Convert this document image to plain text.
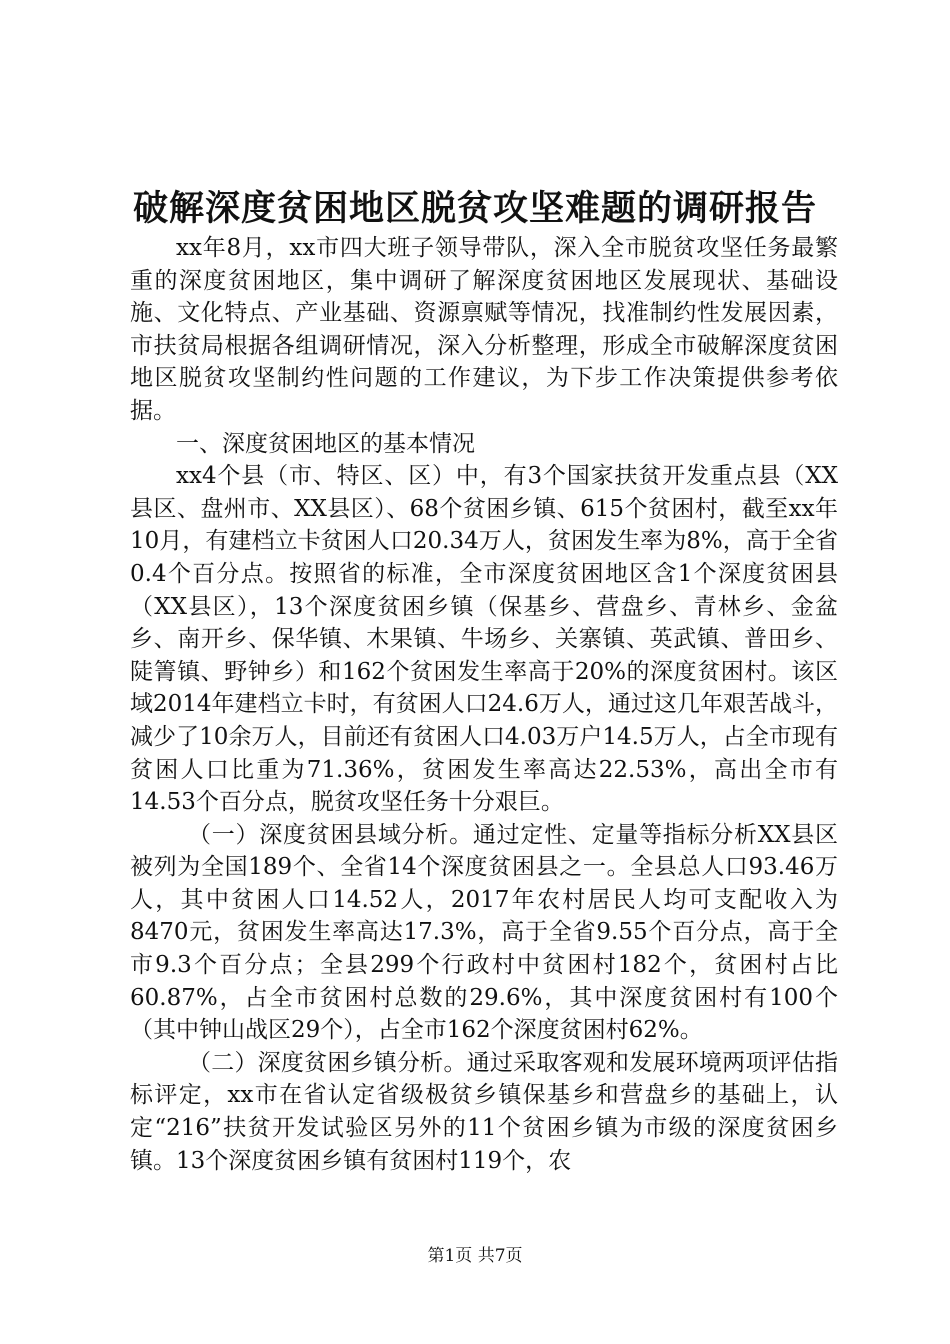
破解深度贫困地区脱贫攻坚难题的调研报告

xx年8月，xx市四大班子领导带队，深入全市脱贫攻坚任务最繁重的深度贫困地区，集中调研了解深度贫困地区发展现状、基础设施、文化特点、产业基础、资源禀赋等情况，找准制约性发展因素，市扶贫局根据各组调研情况，深入分析整理，形成全市破解深度贫困地区脱贫攻坚制约性问题的工作建议，为下步工作决策提供参考依据。

一、深度贫困地区的基本情况

xx4个县（市、特区、区）中，有3个国家扶贫开发重点县（XX县区、盘州市、XX县区）、68个贫困乡镇、615个贫困村，截至xx年10月，有建档立卡贫困人口20.34万人，贫困发生率为8%，高于全省0.4个百分点。按照省的标准，全市深度贫困地区含1个深度贫困县（XX县区），13个深度贫困乡镇（保基乡、营盘乡、青林乡、金盆乡、南开乡、保华镇、木果镇、牛场乡、关寨镇、英武镇、普田乡、陡箐镇、野钟乡）和162个贫困发生率高于20%的深度贫困村。该区域2014年建档立卡时，有贫困人口24.6万人，通过这几年艰苦战斗，减少了10余万人，目前还有贫困人口4.03万户14.5万人，占全市现有贫困人口比重为71.36%，贫困发生率高达22.53%，高出全市有14.53个百分点，脱贫攻坚任务十分艰巨。

（一）深度贫困县域分析。通过定性、定量等指标分析XX县区被列为全国189个、全省14个深度贫困县之一。全县总人口93.46万人，其中贫困人口14.52人，2017年农村居民人均可支配收入为8470元，贫困发生率高达17.3%，高于全省9.55个百分点，高于全市9.3个百分点；全县299个行政村中贫困村182个，贫困村占比60.87%，占全市贫困村总数的29.6%，其中深度贫困村有100个（其中钟山战区29个），占全市162个深度贫困村62%。

（二）深度贫困乡镇分析。通过采取客观和发展环境两项评估指标评定，xx市在省认定省级极贫乡镇保基乡和营盘乡的基础上，认定“216”扶贫开发试验区另外的11个贫困乡镇为市级的深度贫困乡镇。13个深度贫困乡镇有贫困村119个，农

第1页 共7页
